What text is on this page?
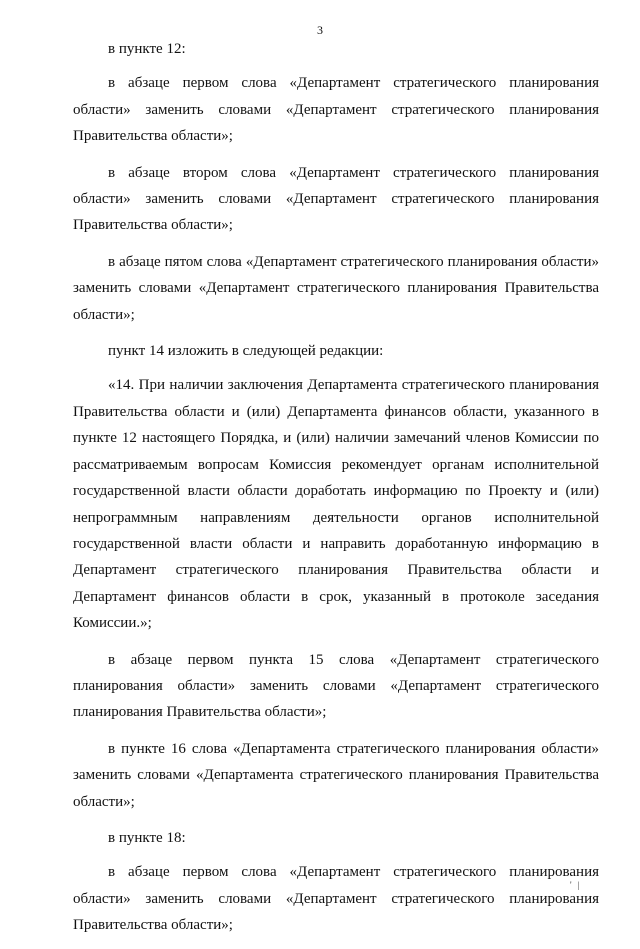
3

в пункте 12:

в абзаце первом слова «Департамент стратегического планирования области» заменить словами «Департамент стратегического планирования Правительства области»;

в абзаце втором слова «Департамент стратегического планирования области» заменить словами «Департамент стратегического планирования Правительства области»;

в абзаце пятом слова «Департамент стратегического планирования области» заменить словами «Департамент стратегического планирования Правительства области»;

пункт 14 изложить в следующей редакции:

«14. При наличии заключения Департамента стратегического планирования Правительства области и (или) Департамента финансов области, указанного в пункте 12 настоящего Порядка, и (или) наличии замечаний членов Комиссии по рассматриваемым вопросам Комиссия рекомендует органам исполнительной государственной власти области доработать информацию по Проекту и (или) непрограммным направлениям деятельности органов исполнительной государственной власти области и направить доработанную информацию в Департамент стратегического планирования Правительства области и Департамент финансов области в срок, указанный в протоколе заседания Комиссии.»;

в абзаце первом пункта 15 слова «Департамент стратегического планирования области» заменить словами «Департамент стратегического планирования Правительства области»;

в пункте 16 слова «Департамента стратегического планирования области» заменить словами «Департамента стратегического планирования Правительства области»;

в пункте 18:

в абзаце первом слова «Департамент стратегического планирования области» заменить словами «Департамент стратегического планирования Правительства области»;

' |
